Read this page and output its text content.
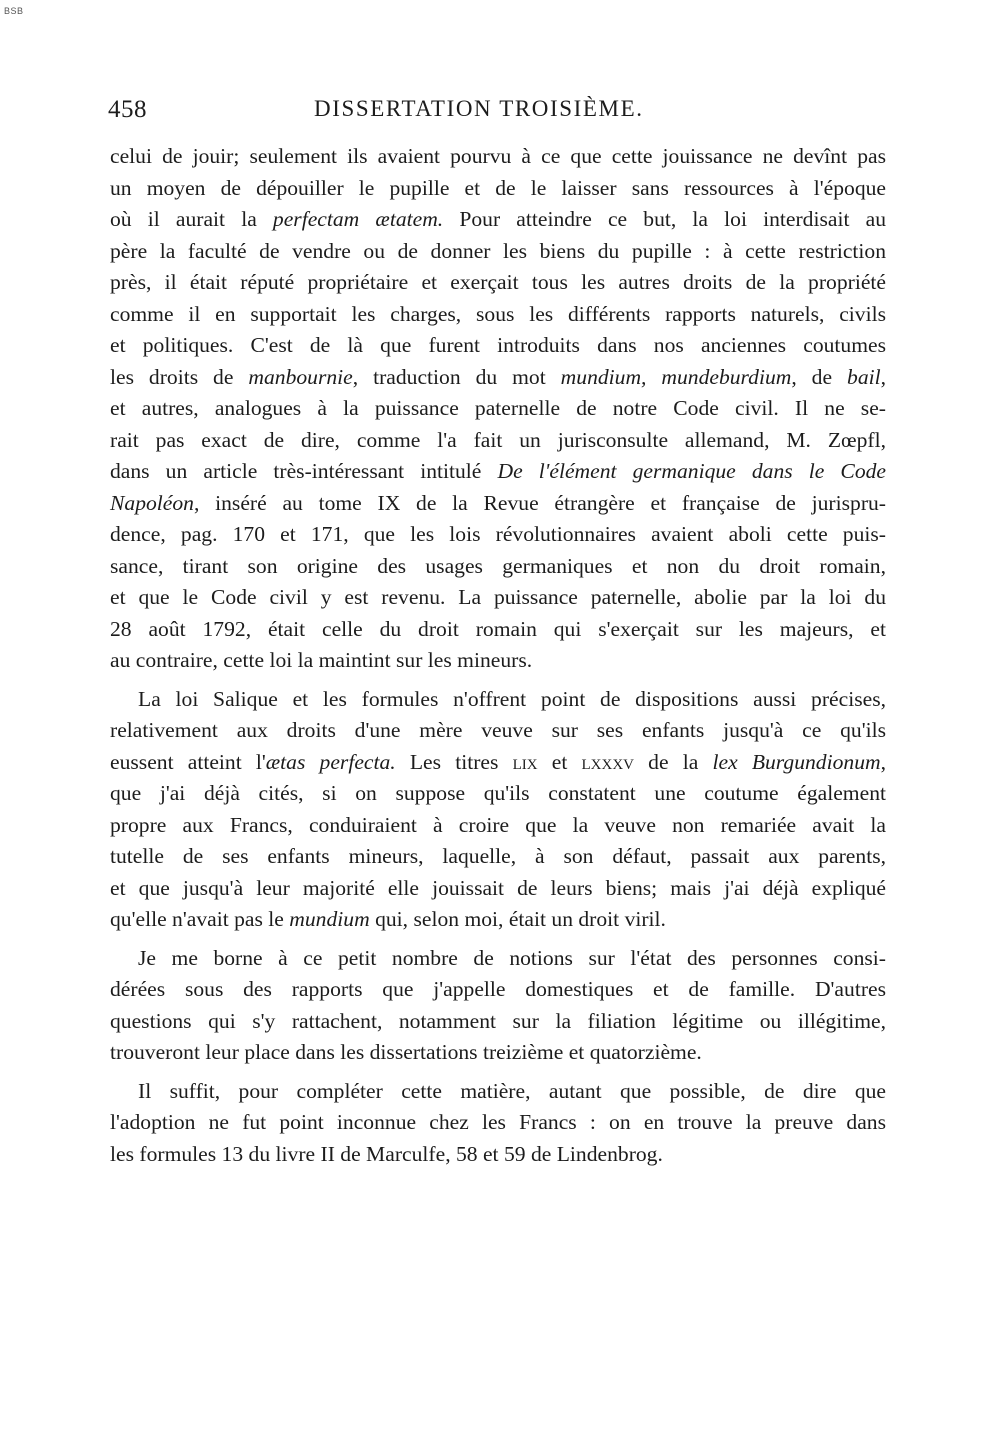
BSB
458	DISSERTATION TROISIÈME.
celui de jouir; seulement ils avaient pourvu à ce que cette jouissance ne devînt pas
un moyen de dépouiller le pupille et de le laisser sans ressources à l'époque
où il aurait la perfectam ætatem. Pour atteindre ce but, la loi interdisait au
père la faculté de vendre ou de donner les biens du pupille : à cette restriction
près, il était réputé propriétaire et exerçait tous les autres droits de la propriété
comme il en supportait les charges, sous les différents rapports naturels, civils
et politiques. C'est de là que furent introduits dans nos anciennes coutumes
les droits de manbournie, traduction du mot mundium, mundeburdium, de bail,
et autres, analogues à la puissance paternelle de notre Code civil. Il ne se-
rait pas exact de dire, comme l'a fait un jurisconsulte allemand, M. Zœpfl,
dans un article très-intéressant intitulé De l'élément germanique dans le Code
Napoléon, inséré au tome IX de la Revue étrangère et française de jurispru-
dence, pag. 170 et 171, que les lois révolutionnaires avaient aboli cette puis-
sance, tirant son origine des usages germaniques et non du droit romain,
et que le Code civil y est revenu. La puissance paternelle, abolie par la loi du
28 août 1792, était celle du droit romain qui s'exerçait sur les majeurs, et
au contraire, cette loi la maintint sur les mineurs.
La loi Salique et les formules n'offrent point de dispositions aussi précises,
relativement aux droits d'une mère veuve sur ses enfants jusqu'à ce qu'ils
eussent atteint l'ætas perfecta. Les titres lix et lxxxv de la lex Burgundionum,
que j'ai déjà cités, si on suppose qu'ils constatent une coutume également
propre aux Francs, conduiraient à croire que la veuve non remariée avait la
tutelle de ses enfants mineurs, laquelle, à son défaut, passait aux parents,
et que jusqu'à leur majorité elle jouissait de leurs biens; mais j'ai déjà expliqué
qu'elle n'avait pas le mundium qui, selon moi, était un droit viril.
Je me borne à ce petit nombre de notions sur l'état des personnes consi-
dérées sous des rapports que j'appelle domestiques et de famille. D'autres
questions qui s'y rattachent, notamment sur la filiation légitime ou illégitime,
trouveront leur place dans les dissertations treizième et quatorzième.
Il suffit, pour compléter cette matière, autant que possible, de dire que
l'adoption ne fut point inconnue chez les Francs : on en trouve la preuve dans
les formules 13 du livre II de Marculfe, 58 et 59 de Lindenbrog.
